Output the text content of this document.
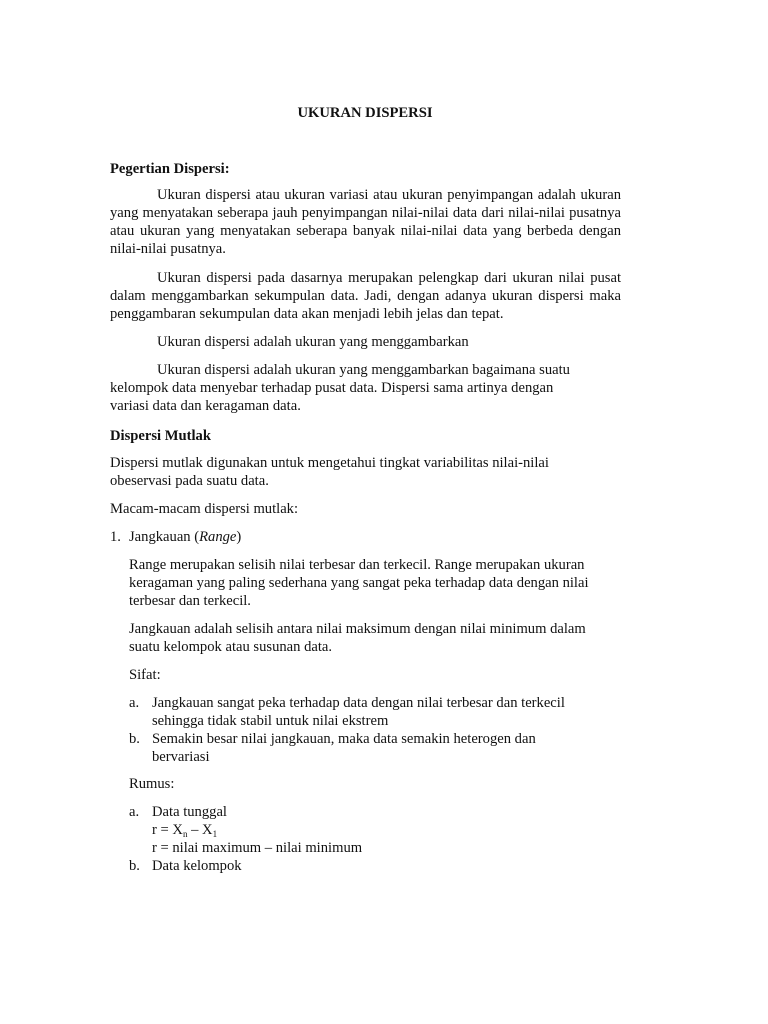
UKURAN DISPERSI
Pegertian Dispersi:
Ukuran dispersi atau ukuran variasi atau ukuran penyimpangan adalah ukuran yang menyatakan seberapa jauh penyimpangan nilai-nilai data dari nilai-nilai pusatnya atau ukuran yang menyatakan seberapa banyak nilai-nilai data yang berbeda dengan nilai-nilai pusatnya.
Ukuran dispersi pada dasarnya merupakan pelengkap dari ukuran nilai pusat dalam menggambarkan sekumpulan data. Jadi, dengan adanya ukuran dispersi maka penggambaran sekumpulan data akan menjadi lebih jelas dan tepat.
Ukuran dispersi adalah ukuran yang menggambarkan
Ukuran dispersi adalah ukuran yang menggambarkan bagaimana suatu
kelompok data menyebar terhadap pusat data. Dispersi sama artinya dengan
variasi data dan keragaman data.
Dispersi Mutlak
Dispersi mutlak digunakan untuk mengetahui tingkat variabilitas nilai-nilai
obeservasi pada suatu data.
Macam-macam dispersi mutlak:
1. Jangkauan (Range)
Range merupakan selisih nilai terbesar dan terkecil. Range merupakan ukuran
keragaman yang paling sederhana yang sangat peka terhadap data dengan nilai
terbesar dan terkecil.
Jangkauan adalah selisih antara nilai maksimum dengan nilai minimum dalam
suatu kelompok atau susunan data.
Sifat:
a. Jangkauan sangat peka terhadap data dengan nilai terbesar dan terkecil
sehingga tidak stabil untuk nilai ekstrem
b. Semakin besar nilai jangkauan, maka data semakin heterogen dan
bervariasi
Rumus:
a. Data tunggal
$r = X_n - X_1$
r = nilai maximum – nilai minimum
b. Data kelompok
